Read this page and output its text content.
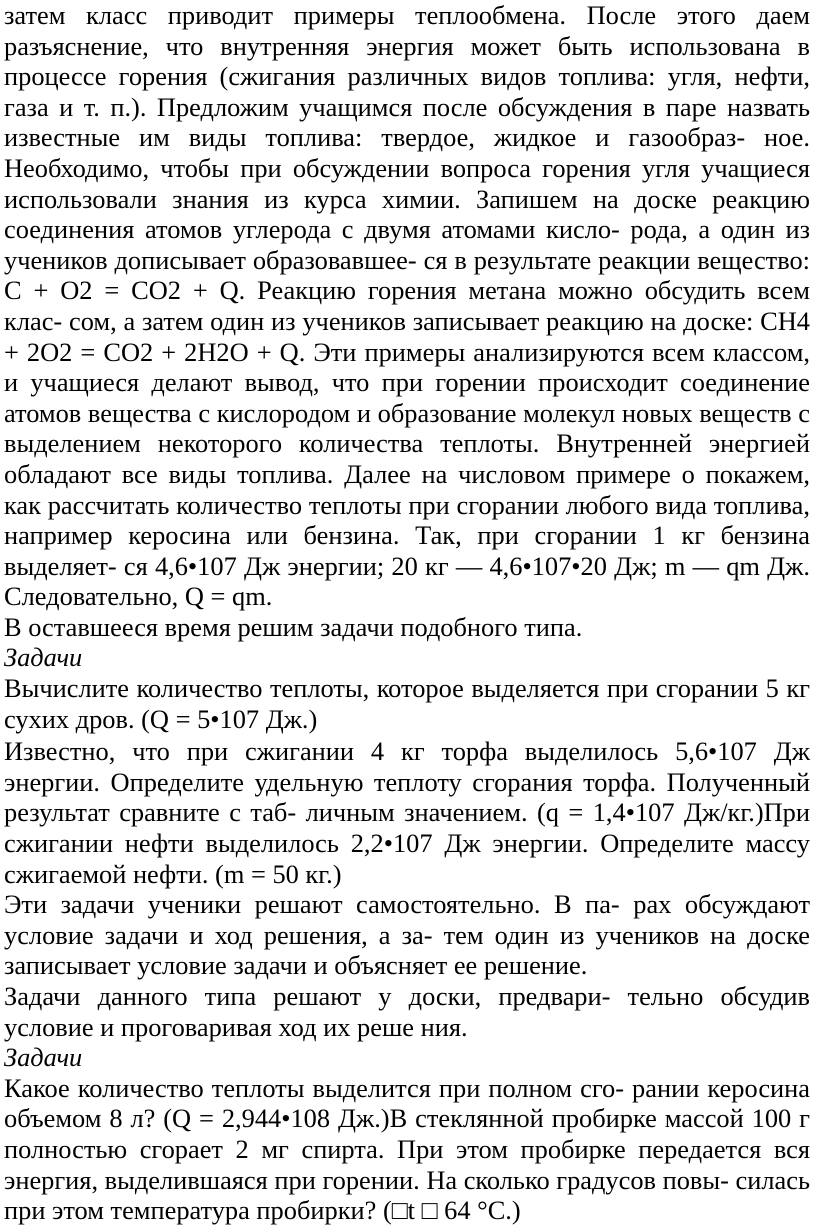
затем класс приводит примеры теплообмена. После этого даем разъяснение, что внутренняя энергия может быть использована в процессе горения (сжигания различных видов топлива: угля, нефти, газа и т. п.). Предложим учащимся после обсуждения в паре назвать известные им виды топлива: твердое, жидкое и газообраз- ное. Необходимо, чтобы при обсуждении вопроса горения угля учащиеся использовали знания из курса химии. Запишем на доске реакцию соединения атомов углерода с двумя атомами кисло- рода, а один из учеников дописывает образовавшее- ся в результате реакции вещество: C + O2 = CO2 + Q. Реакцию горения метана можно обсудить всем клас- сом, а затем один из учеников записывает реакцию на доске: CH4 + 2O2 = CO2 + 2H2O + Q. Эти примеры анализируются всем классом, и учащиеся делают вывод, что при горении происходит соединение атомов вещества с кислородом и образование молекул новых веществ с выделением некоторого количества теплоты. Внутренней энергией обладают все виды топлива. Далее на числовом примере о покажем, как рассчитать количество теплоты при сгорании любого вида топлива, например керосина или бензина. Так, при сгорании 1 кг бензина выделяет- ся 4,6•107 Дж энергии; 20 кг — 4,6•107•20 Дж; m — qm Дж. Следовательно, Q = qm.

В оставшееся время решим задачи подобного типа.

Задачи

Вычислите количество теплоты, которое выделяется при сгорании 5 кг сухих дров. (Q = 5•107 Дж.)

Известно, что при сжигании 4 кг торфа выделилось 5,6•107 Дж энергии. Определите удельную теплоту сгорания торфа. Полученный результат сравните с таб- личным значением. (q = 1,4•107 Дж/кг.)При сжигании нефти выделилось 2,2•107 Дж энергии. Определите массу сжигаемой нефти. (m = 50 кг.)

Эти задачи ученики решают самостоятельно. В па- рах обсуждают условие задачи и ход решения, а за- тем один из учеников на доске записывает условие задачи и объясняет ее решение.

Задачи данного типа решают у доски, предвари- тельно обсудив условие и проговаривая ход их реше ния.

Задачи

Какое количество теплоты выделится при полном сго- рании керосина объемом 8 л? (Q = 2,944•108 Дж.)В стеклянной пробирке массой 100 г полностью сгорает 2 мг спирта. При этом пробирке передается вся энергия, выделившаяся при горении. На сколько градусов повы- силась при этом температура пробирки? (□t □ 64 °С.)
